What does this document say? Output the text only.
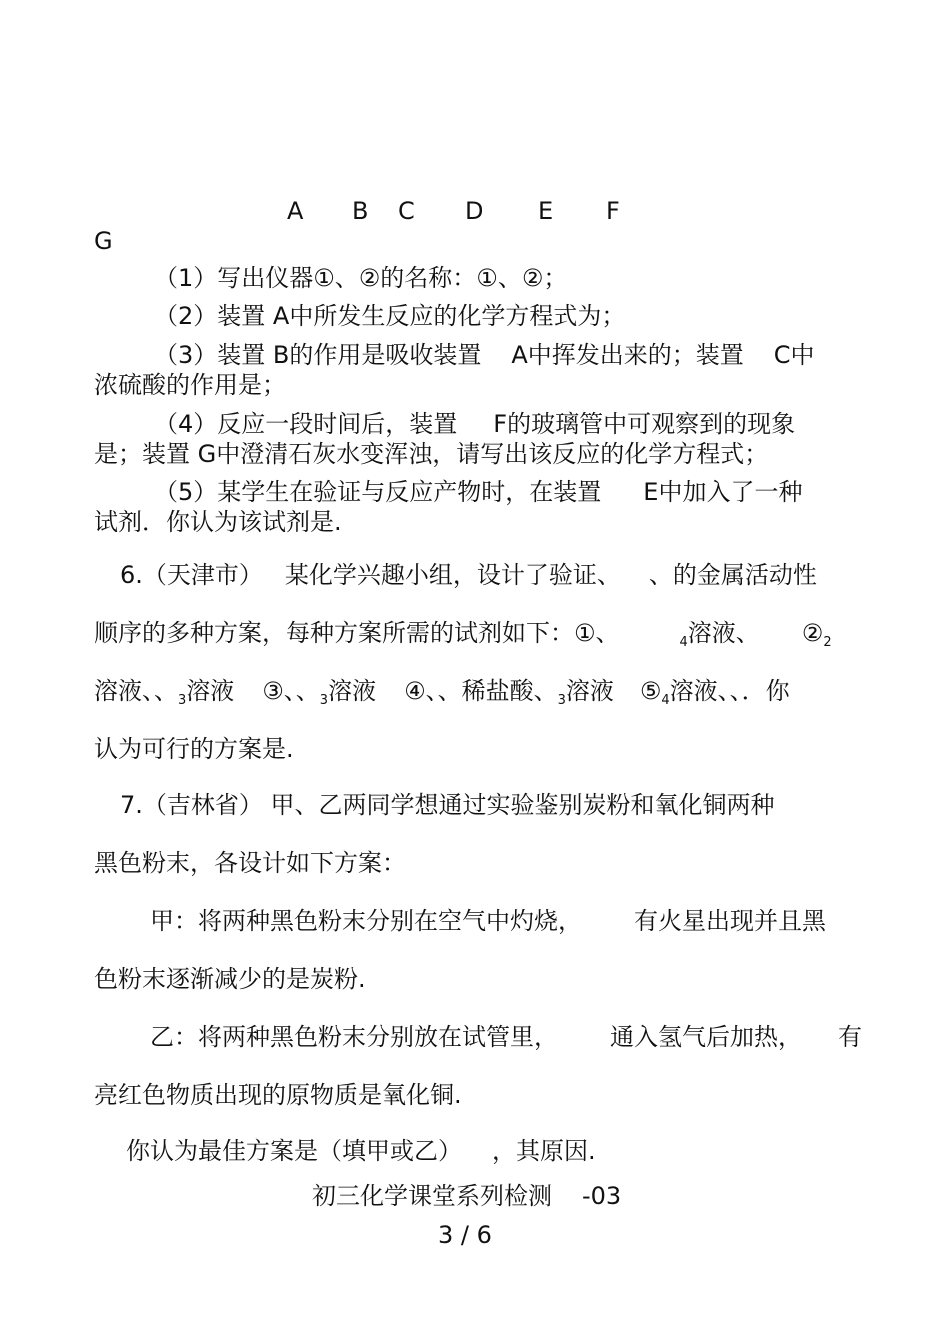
A B C D E F
G
（1）写出仪器①、②的名称：①、②；
（2）装置 A中所发生反应的化学方程式为；
（3）装置 B的作用是吸收装置 A中挥发出来的；装置 C中
浓硫酸的作用是；
（4）反应一段时间后，装置 F的玻璃管中可观察到的现象
是；装置 G中澄清石灰水变浑浊，请写出该反应的化学方程式；
（5）某学生在验证与反应产物时，在装置 E中加入了一种
试剂．你认为该试剂是.
6.（天津市） 某化学兴趣小组，设计了验证、 、的金属活动性
顺序的多种方案，每种方案所需的试剂如下：①、	$_4$溶液、 $②_2$
溶液、、$_3$溶液 ③、、$_3$溶液 ④、、稀盐酸、$_3$溶液 $⑤_4$溶液、、．你
认为可行的方案是.
7.（吉林省） 甲、乙两同学想通过实验鉴别炭粉和氧化铜两种
黑色粉末，各设计如下方案：
甲：将两种黑色粉末分别在空气中灼烧， 有火星出现并且黑
色粉末逐渐减少的是炭粉.
乙：将两种黑色粉末分别放在试管里， 通入氢气后加热， 有
亮红色物质出现的原物质是氧化铜.
你认为最佳方案是（填甲或乙） ，其原因.
初三化学课堂系列检测 -03
3 / 6
